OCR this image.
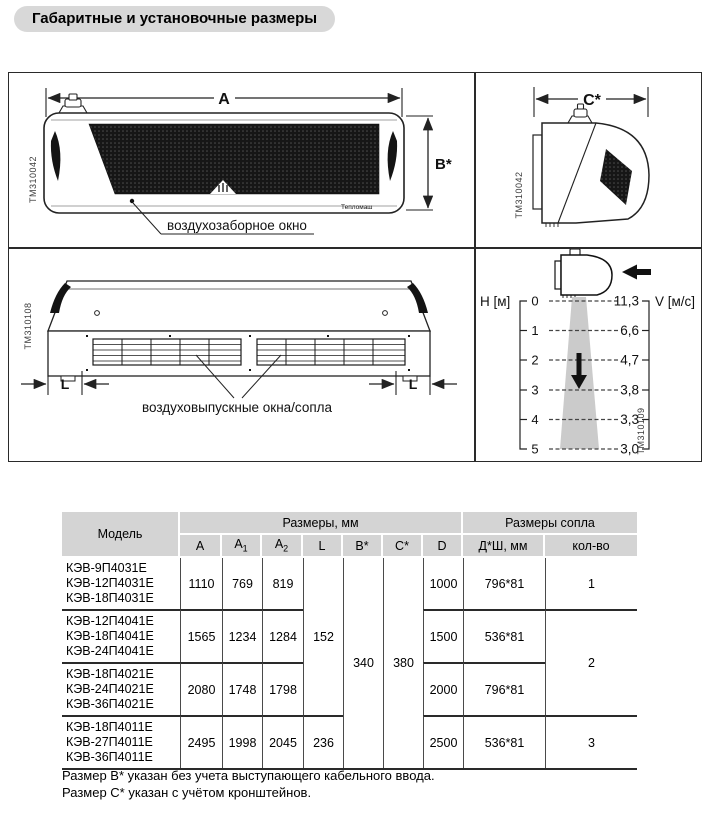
Габаритные и установочные размеры
A
Тепломаш
B*
воздухозаборное окно
TM310042
C*
TM310042
L	L
воздуховыпускные окна/сопла
TM310108
H [м] 0
1
2
3
4
5
11,3
6,6
4,7
3,8
3,3
3,0
V [м/с]
TM310109
Модель	Размеры, мм							Размеры сопла	
	A	$A_1$	$A_2$	L	B*	C*	D	Д*Ш, мм	кол-во

КЭВ-9П4031Е
КЭВ-12П4031Е
КЭВ-18П4031Е	1110	769	819	152	340	380	1000	796*81	1

КЭВ-12П4041Е
КЭВ-18П4041Е
КЭВ-24П4041Е	1565	1234	1284				1500	536*81	2

КЭВ-18П4021Е
КЭВ-24П4021Е
КЭВ-36П4021Е	2080	1748	1798				2000	796*81	

КЭВ-18П4011Е
КЭВ-27П4011Е
КЭВ-36П4011Е	2495	1998	2045	236			2500	536*81	3
Размер В* указан без учета выступающего кабельного ввода.
Размер С* указан с учётом кронштейнов.
